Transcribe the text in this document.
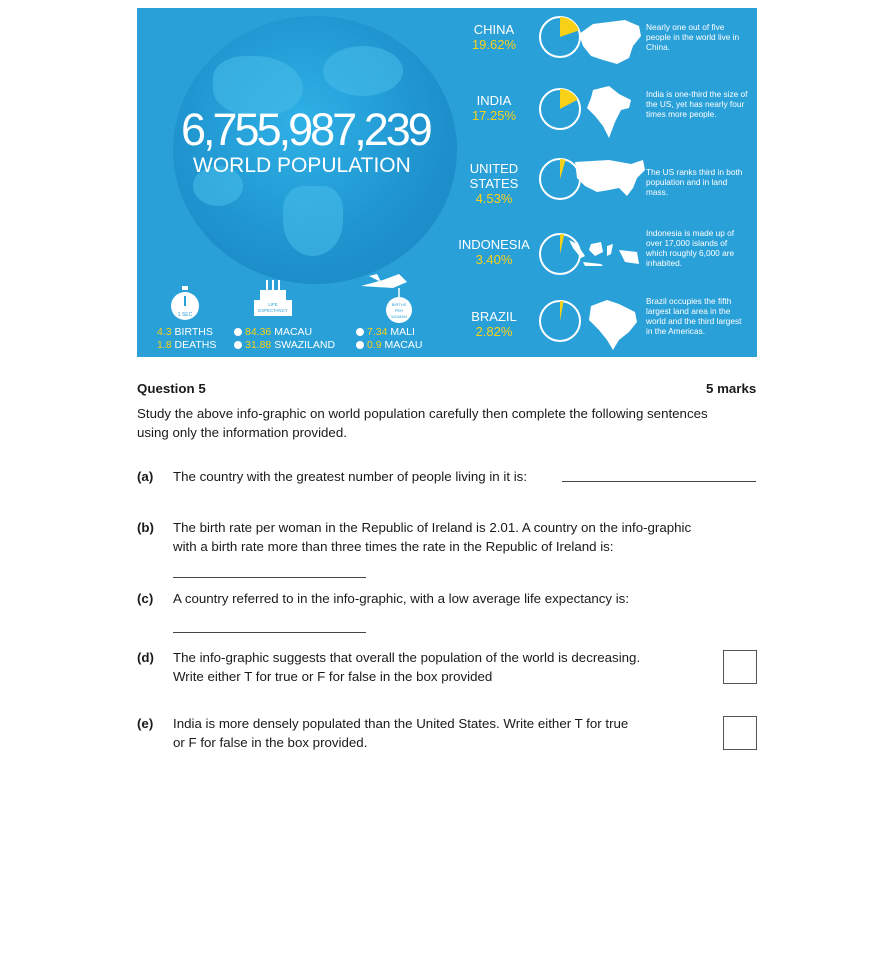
6,755,987,239
WORLD POPULATION
1 SEC
LIFE
EXPECTANCY
BIRTHS
PER
WOMAN
4.3 BIRTHS
1.8 DEATHS
84.36 MACAU
31.88 SWAZILAND
7.34 MALI
0.9 MACAU
CHINA
19.62%
INDIA
17.25%
UNITED
STATES
4.53%
INDONESIA
3.40%
BRAZIL
2.82%
Nearly one out of five people in the world live in China.
India is one-third the size of the US, yet has nearly four times more people.
The US ranks third in both population and in land mass.
Indonesia is made up of over 17,000 islands of which roughly 6,000 are inhabited.
Brazil occupies the fifth largest land area in the world and the third largest in the Americas.
Question 5	5 marks
Study the above info-graphic on world population carefully then complete the following sentences
using only the information provided.
(a) The country with the greatest number of people living in it is:
(b) The birth rate per woman in the Republic of Ireland is 2.01. A country on the info-graphic
with a birth rate more than three times the rate in the Republic of Ireland is:
(c) A country referred to in the info-graphic, with a low average life expectancy is:
(d) The info-graphic suggests that overall the population of the world is decreasing.
Write either T for true or F for false in the box provided
(e) India is more densely populated than the United States. Write either T for true
or F for false in the box provided.
